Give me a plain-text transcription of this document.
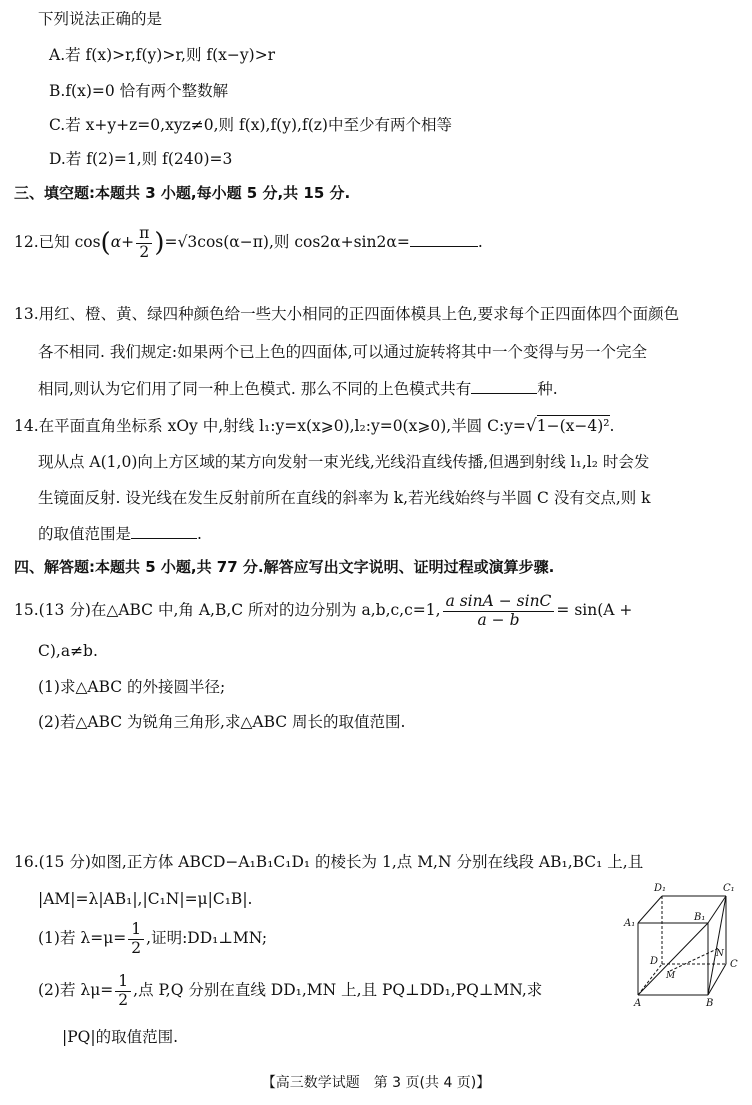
下列说法正确的是
A.若 f(x)>r,f(y)>r,则 f(x−y)>r
B.f(x)=0 恰有两个整数解
C.若 x+y+z=0,xyz≠0,则 f(x),f(y),f(z)中至少有两个相等
D.若 f(2)=1,则 f(240)=3
三、填空题:本题共 3 小题,每小题 5 分,共 15 分.
12.已知 $\cos(\alpha+ \frac{\pi}{2} )=√3\cos(\alpha-\pi)$,则 cos2α+sin2α=	.
13.用红、橙、黄、绿四种颜色给一些大小相同的正四面体模具上色,要求每个正四面体四个面颜色
各不相同. 我们规定:如果两个已上色的四面体,可以通过旋转将其中一个变得与另一个完全
相同,则认为它们用了同一种上色模式. 那么不同的上色模式共有	种.
14.在平面直角坐标系 xOy 中,射线 l₁:y=x(x⩾0),l₂:y=0(x⩾0),半圆 C:y=√1−(x−4)².
现从点 A(1,0)向上方区域的某方向发射一束光线,光线沿直线传播,但遇到射线 l₁,l₂ 时会发
生镜面反射. 设光线在发生反射前所在直线的斜率为 k,若光线始终与半圆 C 没有交点,则 k
的取值范围是	.
四、解答题:本题共 5 小题,共 77 分.解答应写出文字说明、证明过程或演算步骤.
15.(13 分)在△ABC 中,角 A,B,C 所对的边分别为 a,b,c,c=1, $\frac{\text{a sinA − sinC}}{a - b} = \sin(A$ +
C),a≠b.
(1)求△ABC 的外接圆半径;
(2)若△ABC 为锐角三角形,求△ABC 周长的取值范围.
16.(15 分)如图,正方体 ABCD−A₁B₁C₁D₁ 的棱长为 1,点 M,N 分别在线段 AB₁,BC₁ 上,且
|AM|=λ|AB₁|,|C₁N|=μ|C₁B|.
(1)若 $\lambda=\mu= \frac{1}{2}$ ,证明:DD₁⊥MN;
(2)若 $\lambda\mu= \frac{1}{2}$ ,点 P,Q 分别在直线 DD₁,MN 上,且 PQ⊥DD₁,PQ⊥MN,求
|PQ|的取值范围.
D₁	C₁
A₁
B₁
D	C
A	B
M
N
【高三数学试题　第 3 页(共 4 页)】
